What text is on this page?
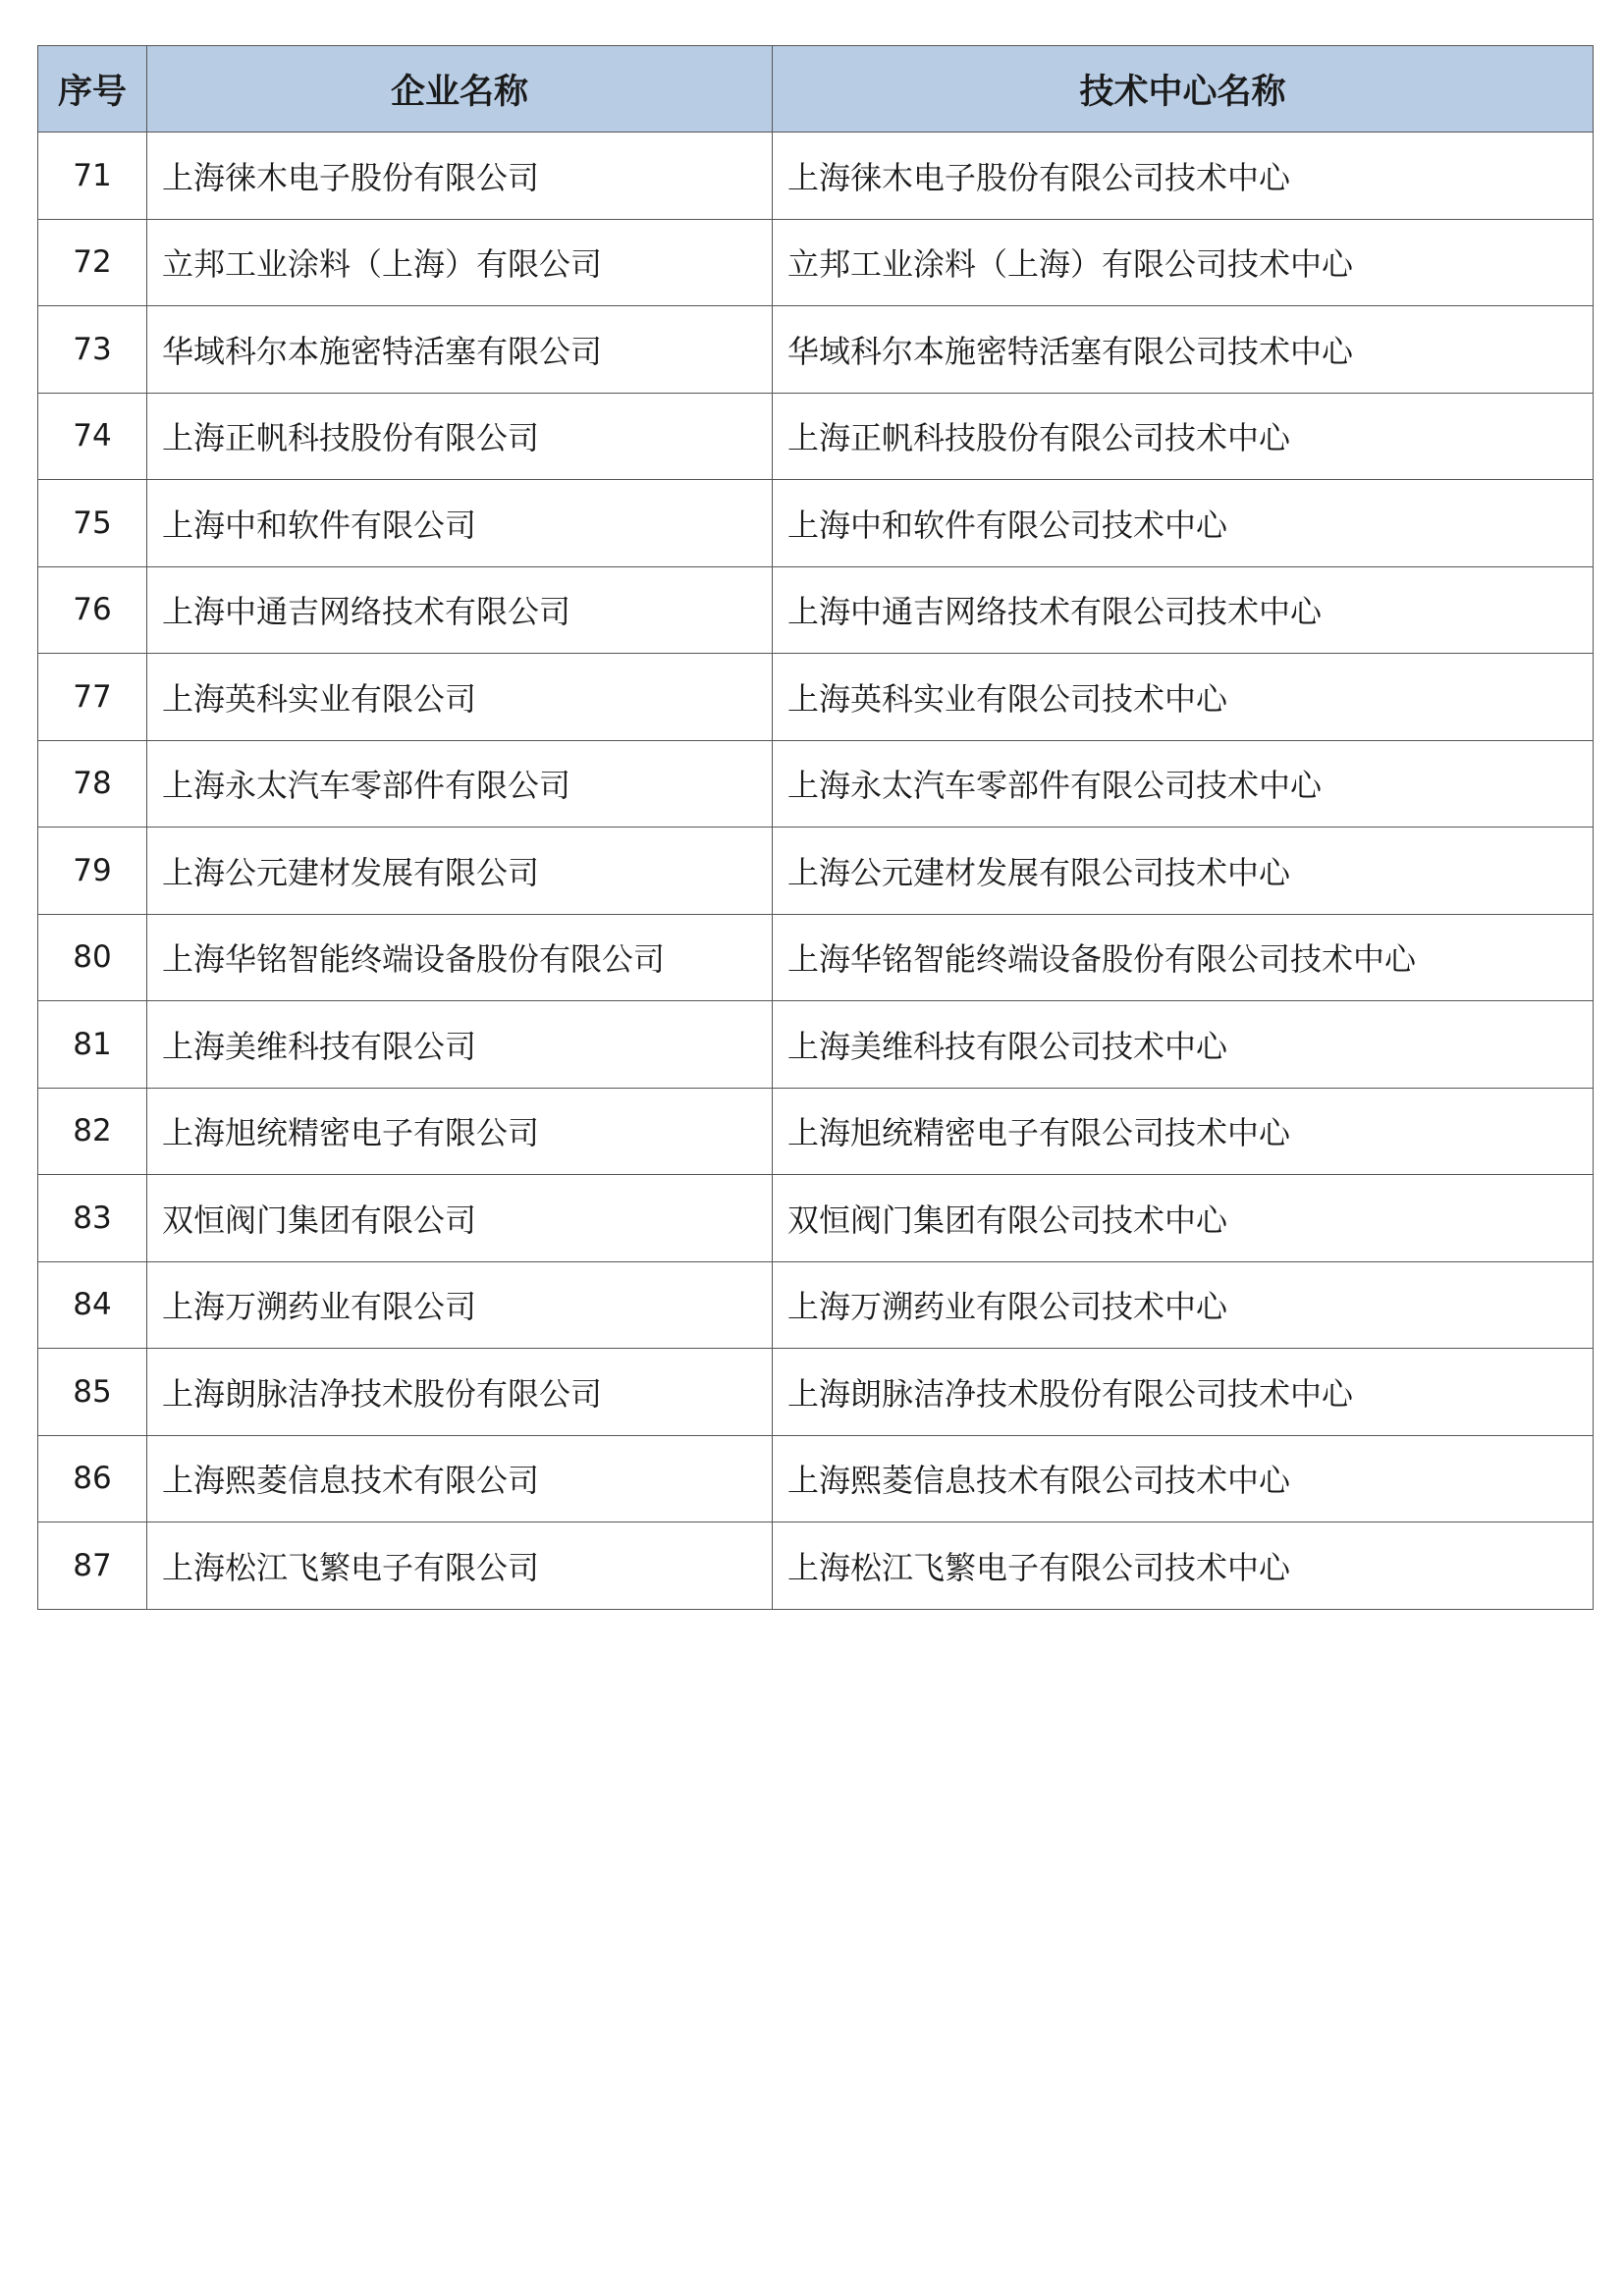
序号	企业名称	技术中心名称
71	上海徕木电子股份有限公司	上海徕木电子股份有限公司技术中心
72	立邦工业涂料（上海）有限公司	立邦工业涂料（上海）有限公司技术中心
73	华域科尔本施密特活塞有限公司	华域科尔本施密特活塞有限公司技术中心
74	上海正帆科技股份有限公司	上海正帆科技股份有限公司技术中心
75	上海中和软件有限公司	上海中和软件有限公司技术中心
76	上海中通吉网络技术有限公司	上海中通吉网络技术有限公司技术中心
77	上海英科实业有限公司	上海英科实业有限公司技术中心
78	上海永太汽车零部件有限公司	上海永太汽车零部件有限公司技术中心
79	上海公元建材发展有限公司	上海公元建材发展有限公司技术中心
80	上海华铭智能终端设备股份有限公司	上海华铭智能终端设备股份有限公司技术中心
81	上海美维科技有限公司	上海美维科技有限公司技术中心
82	上海旭统精密电子有限公司	上海旭统精密电子有限公司技术中心
83	双恒阀门集团有限公司	双恒阀门集团有限公司技术中心
84	上海万溯药业有限公司	上海万溯药业有限公司技术中心
85	上海朗脉洁净技术股份有限公司	上海朗脉洁净技术股份有限公司技术中心
86	上海熙菱信息技术有限公司	上海熙菱信息技术有限公司技术中心
87	上海松江飞繁电子有限公司	上海松江飞繁电子有限公司技术中心
